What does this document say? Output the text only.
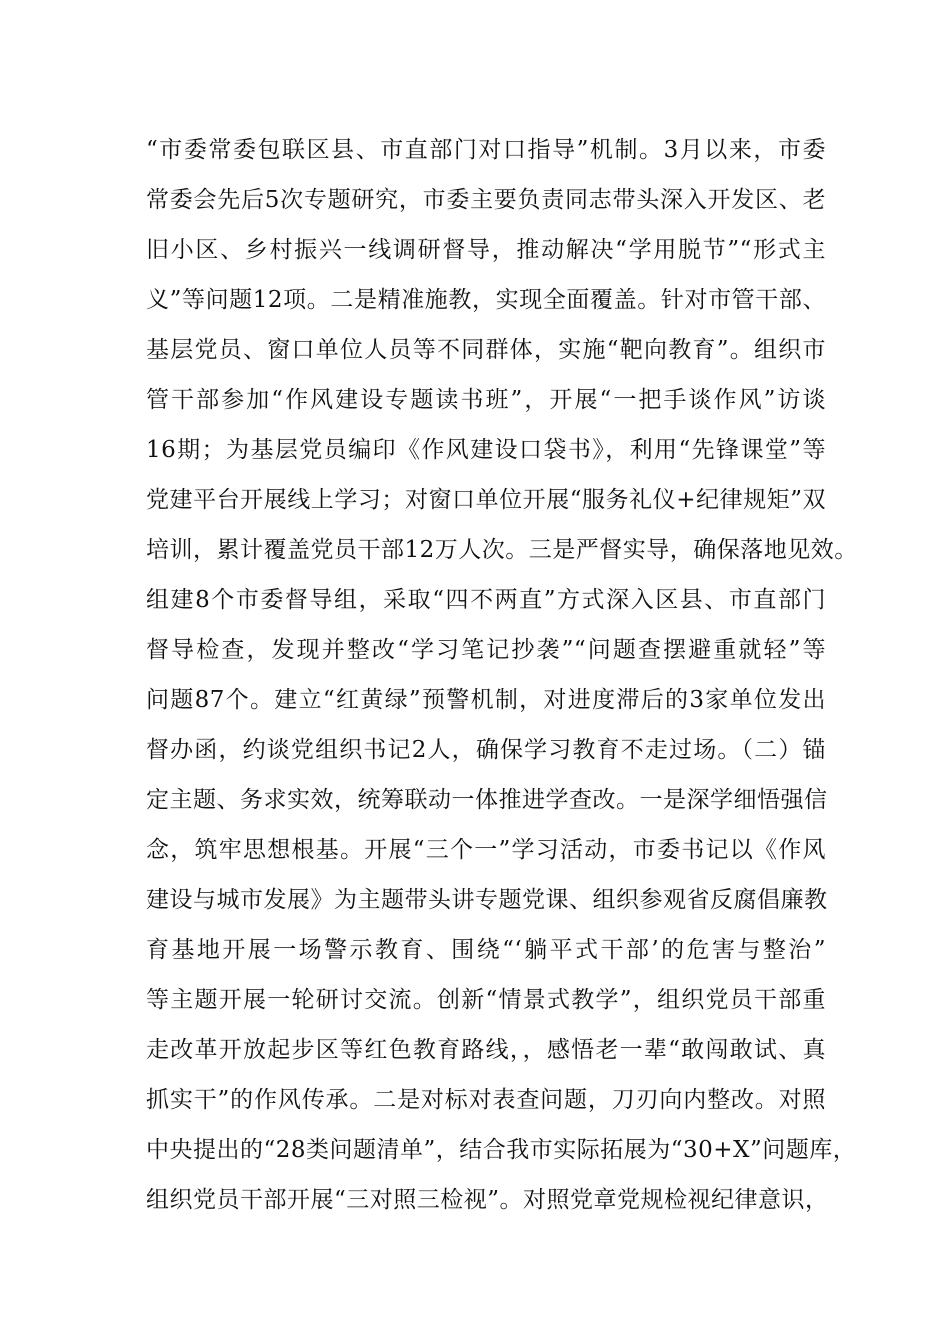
“市委常委包联区县、市直部门对口指导”机制。3月以来，市委
常委会先后5次专题研究，市委主要负责同志带头深入开发区、老
旧小区、乡村振兴一线调研督导，推动解决“学用脱节”“形式主
义”等问题12项。二是精准施教，实现全面覆盖。针对市管干部、
基层党员、窗口单位人员等不同群体，实施“靶向教育”。组织市
管干部参加“作风建设专题读书班”，开展“一把手谈作风”访谈
16期；为基层党员编印《作风建设口袋书》，利用“先锋课堂”等
党建平台开展线上学习；对窗口单位开展“服务礼仪+纪律规矩”双
培训，累计覆盖党员干部12万人次。三是严督实导，确保落地见效。
组建8个市委督导组，采取“四不两直”方式深入区县、市直部门
督导检查，发现并整改“学习笔记抄袭”“问题查摆避重就轻”等
问题87个。建立“红黄绿”预警机制，对进度滞后的3家单位发出
督办函，约谈党组织书记2人，确保学习教育不走过场。（二）锚
定主题、务求实效，统筹联动一体推进学查改。一是深学细悟强信
念，筑牢思想根基。开展“三个一”学习活动，市委书记以《作风
建设与城市发展》为主题带头讲专题党课、组织参观省反腐倡廉教
育基地开展一场警示教育、围绕“‘躺平式干部’的危害与整治”
等主题开展一轮研讨交流。创新“情景式教学”，组织党员干部重
走改革开放起步区等红色教育路线，，感悟老一辈“敢闯敢试、真
抓实干”的作风传承。二是对标对表查问题，刀刃向内整改。对照
中央提出的“28类问题清单”，结合我市实际拓展为“30+X”问题库，
组织党员干部开展“三对照三检视”。对照党章党规检视纪律意识，
